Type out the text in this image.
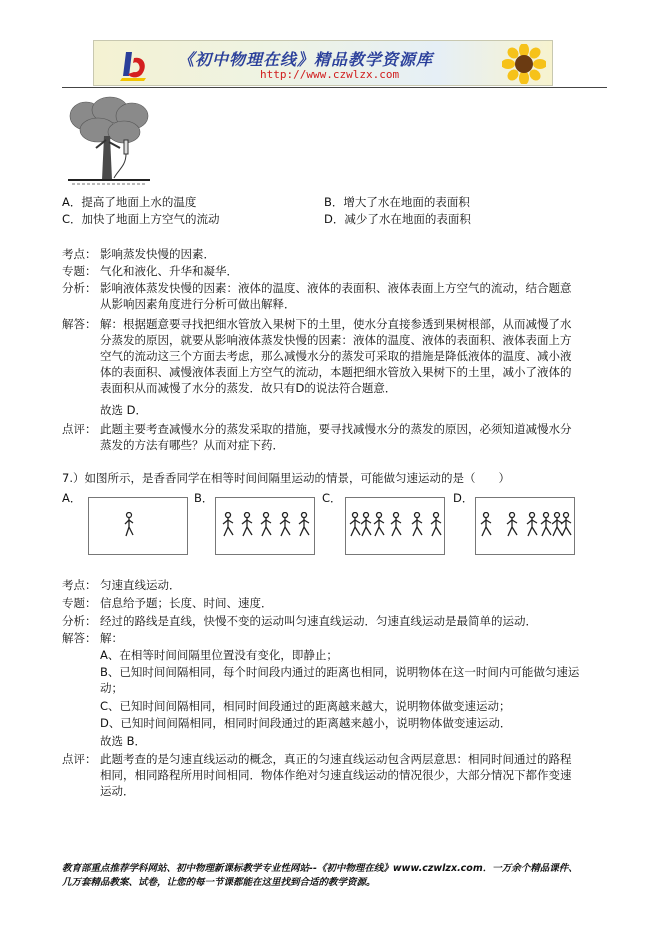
《初中物理在线》精品教学资源库
http://www.czwlzx.com
A．提高了地面上水的温度	B．增大了水在地面的表面积
C．加快了地面上方空气的流动	D．减少了水在地面的表面积
考点： 影响蒸发快慢的因素．
专题： 气化和液化、升华和凝华．
分析： 影响液体蒸发快慢的因素：液体的温度、液体的表面积、液体表面上方空气的流动，结合题意从影响因素角度进行分析可做出解释．
解答： 解：根据题意要寻找把细水管放入果树下的土里，使水分直接参透到果树根部，从而减慢了水分蒸发的原因，就要从影响液体蒸发快慢的因素：液体的温度、液体的表面积、液体表面上方空气的流动这三个方面去考虑，那么减慢水分的蒸发可采取的措施是降低液体的温度、减小液体的表面积、减慢液体表面上方空气的流动，本题把细水管放入果树下的土里，减小了液体的表面积从而减慢了水分的蒸发．故只有D的说法符合题意．
故选 D．
点评： 此题主要考查减慢水分的蒸发采取的措施，要寻找减慢水分的蒸发的原因，必须知道减慢水分蒸发的方法有哪些？从而对症下药．
7.）如图所示，是香香同学在相等时间间隔里运动的情景，可能做匀速运动的是（　　）
A．	B．	C．	D．
考点： 匀速直线运动．
专题： 信息给予题；长度、时间、速度．
分析： 经过的路线是直线，快慢不变的运动叫匀速直线运动．匀速直线运动是最简单的运动．
解答： 解：
A、在相等时间间隔里位置没有变化，即静止；
B、已知时间间隔相同，每个时间段内通过的距离也相同，说明物体在这一时间内可能做匀速运动；
C、已知时间间隔相同，相同时间段通过的距离越来越大，说明物体做变速运动；
D、已知时间间隔相同，相同时间段通过的距离越来越小，说明物体做变速运动．
故选 B．
点评： 此题考查的是匀速直线运动的概念，真正的匀速直线运动包含两层意思：相同时间通过的路程相同，相同路程所用时间相同．物体作绝对匀速直线运动的情况很少，大部分情况下都作变速运动．
教育部重点推荐学科网站、初中物理新课标教学专业性网站--《初中物理在线》www.czwlzx.com．一万余个精品课件、
几万套精品教案、试卷，让您的每一节课都能在这里找到合适的教学资源。
